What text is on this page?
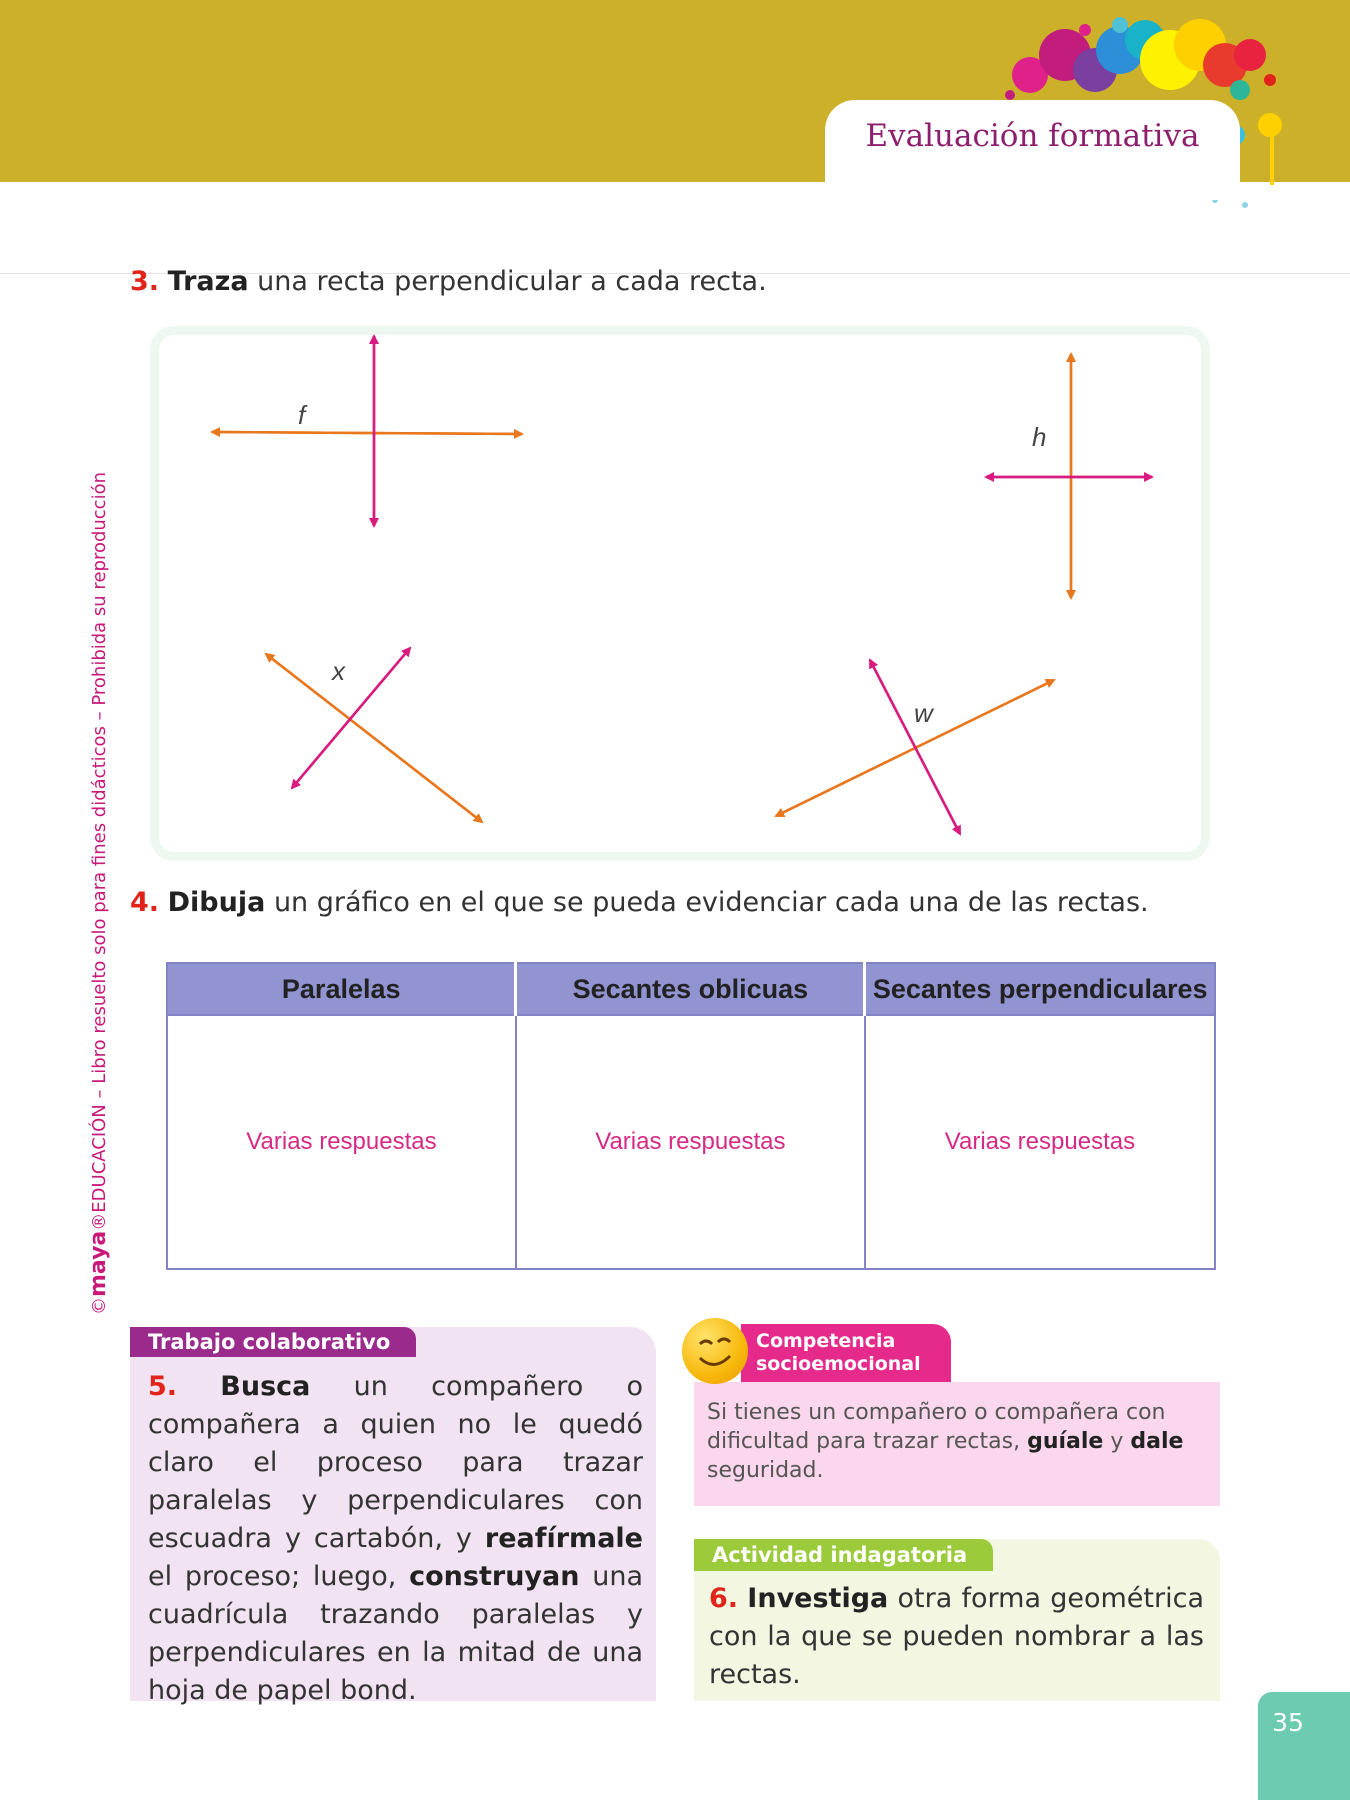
Evaluación formativa
©maya®EDUCACIÓN – Libro resuelto solo para fines didácticos – Prohibida su reproducción
3. Traza una recta perpendicular a cada recta.
f
h
x
w
4. Dibuja un gráfico en el que se pueda evidenciar cada una de las rectas.
Paralelas	Secantes oblicuas	Secantes perpendiculares
Varias respuestas	Varias respuestas	Varias respuestas
Trabajo colaborativo
5. Busca un compañero o compañera a quien no le quedó claro el proceso para trazar paralelas y perpendiculares con escuadra y cartabón, y reafírmale el proceso; luego, construyan una cuadrícula trazando paralelas y perpendiculares en la mitad de una hoja de papel bond.
Competencia
socioemocional
Si tienes un compañero o compañera con dificultad para trazar rectas, guíale y dale seguridad.
Actividad indagatoria
6. Investiga otra forma geométrica con la que se pueden nombrar a las rectas.
35
